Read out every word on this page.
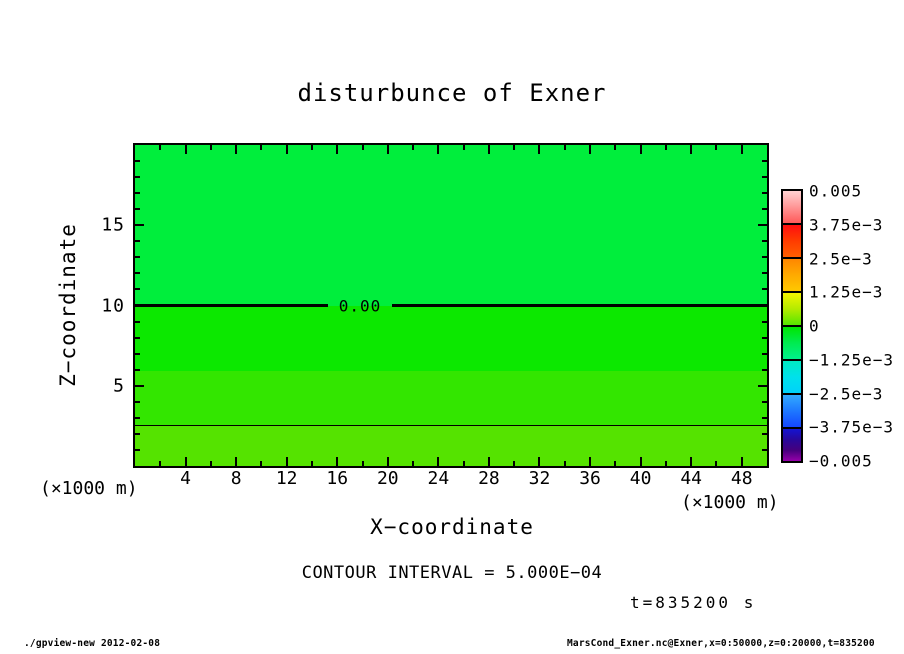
disturbunce of Exner
Z−coordinate	0.00
4 8 12 16 20 24 28 32 36 40 44 48
5
10
15
(×1000 m)
(×1000 m)
X−coordinate
0.005
3.75e−3
2.5e−3
1.25e−3
0
−1.25e−3
−2.5e−3
−3.75e−3
−0.005
CONTOUR INTERVAL = 5.000E−04
t=835200 s
./gpview-new 2012-02-08	MarsCond_Exner.nc@Exner,x=0:50000,z=0:20000,t=835200
